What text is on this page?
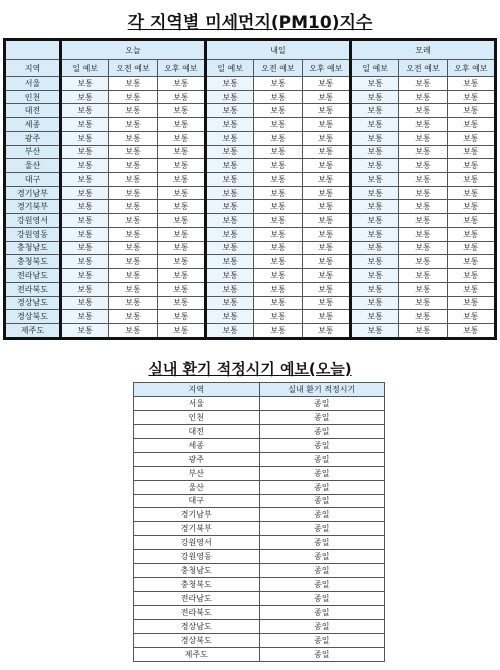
각 지역별 미세먼지(PM10)지수
	오늘			내일			모레		
지역	일 예보	오전 예보	오후 예보	일 예보	오전 예보	오후 예보	일 예보	오전 예보	오후 예보
서울	보통	보통	보통	보통	보통	보통	보통	보통	보통
인천	보통	보통	보통	보통	보통	보통	보통	보통	보통
대전	보통	보통	보통	보통	보통	보통	보통	보통	보통
세종	보통	보통	보통	보통	보통	보통	보통	보통	보통
광주	보통	보통	보통	보통	보통	보통	보통	보통	보통
부산	보통	보통	보통	보통	보통	보통	보통	보통	보통
울산	보통	보통	보통	보통	보통	보통	보통	보통	보통
대구	보통	보통	보통	보통	보통	보통	보통	보통	보통
경기남부	보통	보통	보통	보통	보통	보통	보통	보통	보통
경기북부	보통	보통	보통	보통	보통	보통	보통	보통	보통
강원영서	보통	보통	보통	보통	보통	보통	보통	보통	보통
강원영동	보통	보통	보통	보통	보통	보통	보통	보통	보통
충청남도	보통	보통	보통	보통	보통	보통	보통	보통	보통
충청북도	보통	보통	보통	보통	보통	보통	보통	보통	보통
전라남도	보통	보통	보통	보통	보통	보통	보통	보통	보통
전라북도	보통	보통	보통	보통	보통	보통	보통	보통	보통
경상남도	보통	보통	보통	보통	보통	보통	보통	보통	보통
경상북도	보통	보통	보통	보통	보통	보통	보통	보통	보통
제주도	보통	보통	보통	보통	보통	보통	보통	보통	보통
실내 환기 적정시기 예보(오늘)
지역	실내 환기 적정시기
서울	종일
인천	종일
대전	종일
세종	종일
광주	종일
부산	종일
울산	종일
대구	종일
경기남부	종일
경기북부	종일
강원영서	종일
강원영동	종일
충청남도	종일
충청북도	종일
전라남도	종일
전라북도	종일
경상남도	종일
경상북도	종일
제주도	종일
